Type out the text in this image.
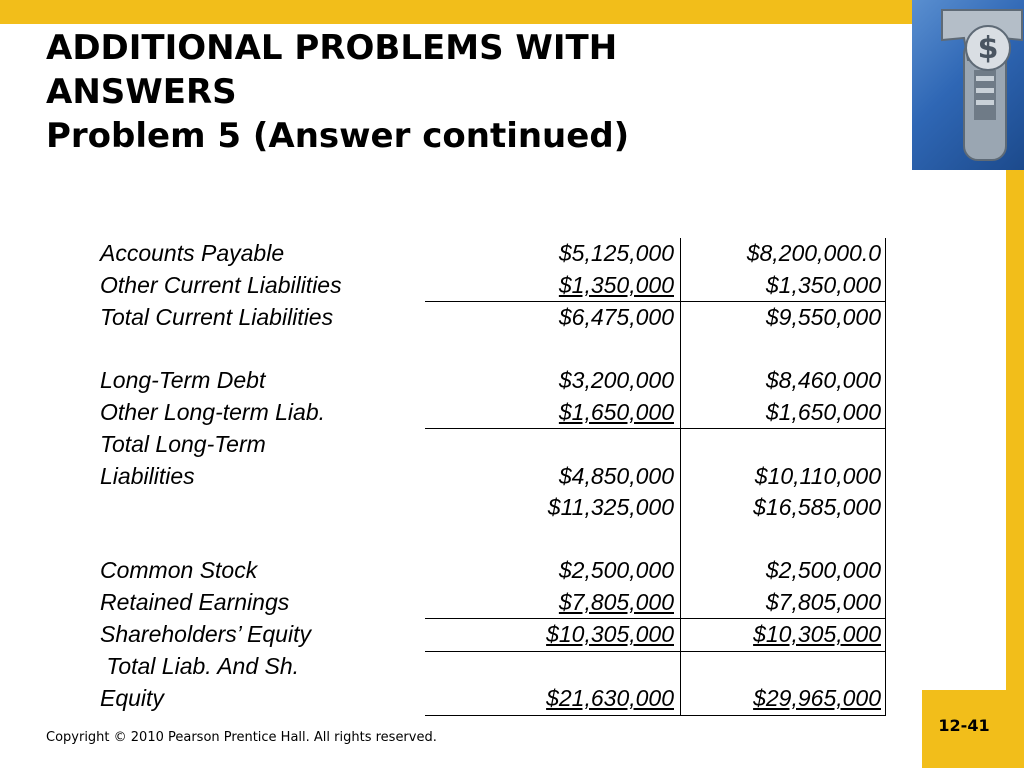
$
ADDITIONAL PROBLEMS WITH
ANSWERS
Problem 5 (Answer continued)
Accounts Payable	$5,125,000	$8,200,000.0
Other Current Liabilities	$1,350,000	$1,350,000
Total Current Liabilities	$6,475,000	$9,550,000

Long-Term Debt	$3,200,000	$8,460,000
Other Long-term Liab.	$1,650,000	$1,650,000
Total Long-Term		
Liabilities	$4,850,000	$10,110,000
	$11,325,000	$16,585,000

Common Stock	$2,500,000	$2,500,000
Retained Earnings	$7,805,000	$7,805,000
Shareholders’ Equity	$10,305,000	$10,305,000
Total Liab. And Sh.		
Equity	$21,630,000	$29,965,000
Copyright © 2010 Pearson Prentice Hall. All rights reserved.
12-41
